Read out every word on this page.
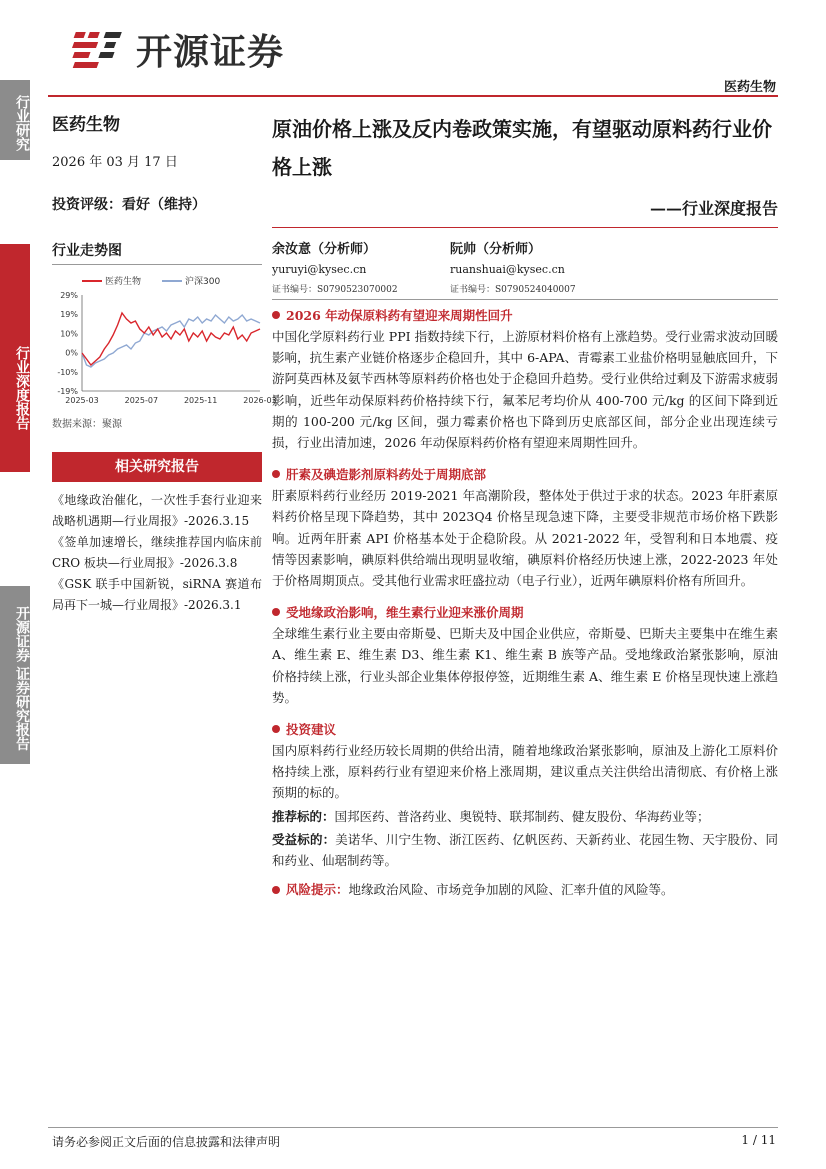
开源证券
医药生物
行业研究
行业深度报告
开源证券 证券研究报告
医药生物
2026 年 03 月 17 日
投资评级：看好（维持）
行业走势图
医药生物	沪深300
29%
19%
10%
0%
-10%
-19%
2025-03	2025-07	2025-11	2026-03
数据来源：聚源
相关研究报告
《地缘政治催化，一次性手套行业迎来战略机遇期—行业周报》-2026.3.15
《签单加速增长，继续推荐国内临床前 CRO 板块—行业周报》-2026.3.8
《GSK 联手中国新锐，siRNA 赛道布局再下一城—行业周报》-2026.3.1
原油价格上涨及反内卷政策实施，有望驱动原料药行业价格上涨
——行业深度报告
余汝意（分析师）
yuruyi@kysec.cn
证书编号：S0790523070002
阮帅（分析师）
ruanshuai@kysec.cn
证书编号：S0790524040007
2026 年动保原料药有望迎来周期性回升
中国化学原料药行业 PPI 指数持续下行，上游原材料价格有上涨趋势。受行业需求波动回暖影响，抗生素产业链价格逐步企稳回升，其中 6-APA、青霉素工业盐价格明显触底回升，下游阿莫西林及氨苄西林等原料药价格也处于企稳回升趋势。受行业供给过剩及下游需求疲弱影响，近些年动保原料药价格持续下行，氟苯尼考均价从 400-700 元/kg 的区间下降到近期的 100-200 元/kg 区间，强力霉素价格也下降到历史底部区间，部分企业出现连续亏损，行业出清加速，2026 年动保原料药价格有望迎来周期性回升。
肝素及碘造影剂原料药处于周期底部
肝素原料药行业经历 2019-2021 年高潮阶段，整体处于供过于求的状态。2023 年肝素原料药价格呈现下降趋势，其中 2023Q4 价格呈现急速下降，主要受非规范市场价格下跌影响。近两年肝素 API 价格基本处于企稳阶段。从 2021-2022 年，受智利和日本地震、疫情等因素影响，碘原料供给端出现明显收缩，碘原料价格经历快速上涨，2022-2023 年处于价格周期顶点。受其他行业需求旺盛拉动（电子行业），近两年碘原料价格有所回升。
受地缘政治影响，维生素行业迎来涨价周期
全球维生素行业主要由帝斯曼、巴斯夫及中国企业供应，帝斯曼、巴斯夫主要集中在维生素 A、维生素 E、维生素 D3、维生素 K1、维生素 B 族等产品。受地缘政治紧张影响，原油价格持续上涨，行业头部企业集体停报停签，近期维生素 A、维生素 E 价格呈现快速上涨趋势。
投资建议
国内原料药行业经历较长周期的供给出清，随着地缘政治紧张影响，原油及上游化工原料价格持续上涨，原料药行业有望迎来价格上涨周期，建议重点关注供给出清彻底、有价格上涨预期的标的。
推荐标的：国邦医药、普洛药业、奥锐特、联邦制药、健友股份、华海药业等；
受益标的：美诺华、川宁生物、浙江医药、亿帆医药、天新药业、花园生物、天宇股份、同和药业、仙琚制药等。
风险提示： 地缘政治风险、市场竞争加剧的风险、汇率升值的风险等。
请务必参阅正文后面的信息披露和法律声明	1 / 11
